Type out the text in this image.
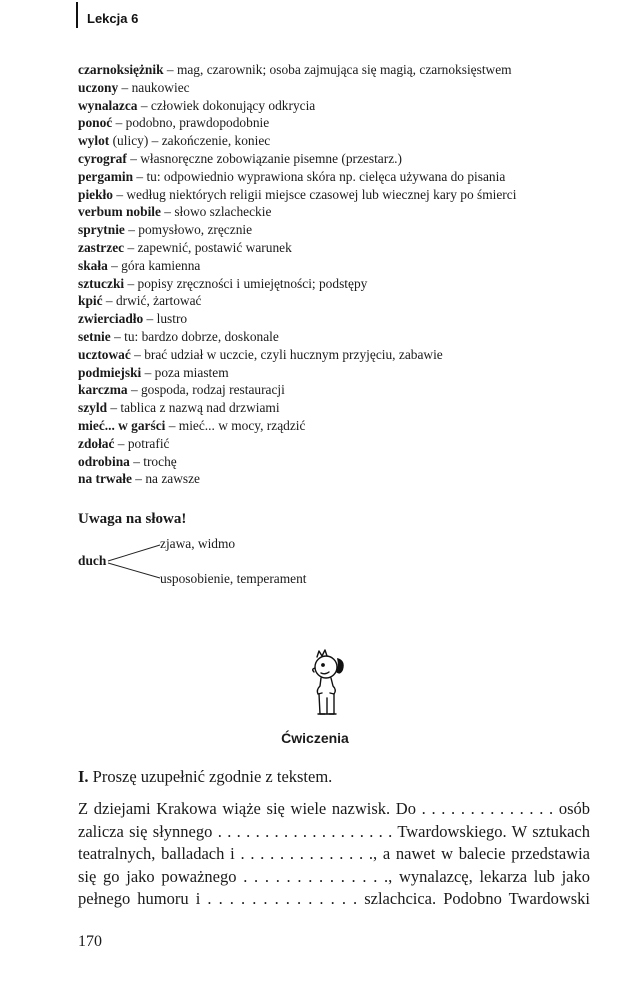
Lekcja 6
czarnoksiężnik – mag, czarownik; osoba zajmująca się magią, czarnoksięstwem
uczony – naukowiec
wynalazca – człowiek dokonujący odkrycia
ponoć – podobno, prawdopodobnie
wylot (ulicy) – zakończenie, koniec
cyrograf – własnoręczne zobowiązanie pisemne (przestarz.)
pergamin – tu: odpowiednio wyprawiona skóra np. cielęca używana do pisania
piekło – według niektórych religii miejsce czasowej lub wiecznej kary po śmierci
verbum nobile – słowo szlacheckie
sprytnie – pomysłowo, zręcznie
zastrzec – zapewnić, postawić warunek
skała – góra kamienna
sztuczki – popisy zręczności i umiejętności; podstępy
kpić – drwić, żartować
zwierciadło – lustro
setnie – tu: bardzo dobrze, doskonale
ucztować – brać udział w uczcie, czyli hucznym przyjęciu, zabawie
podmiejski – poza miastem
karczma – gospoda, rodzaj restauracji
szyld – tablica z nazwą nad drzwiami
mieć... w garści – mieć... w mocy, rządzić
zdołać – potrafić
odrobina – trochę
na trwałe – na zawsze
Uwaga na słowa!
duch
zjawa, widmo
usposobienie, temperament
Ćwiczenia
I. Proszę uzupełnić zgodnie z tekstem.
Z dziejami Krakowa wiąże się wiele nazwisk. Do . . . . . . . . . . . . . . osób
zalicza się słynnego . . . . . . . . . . . . . . . . . . . Twardowskiego. W sztukach
teatralnych, balladach i . . . . . . . . . . . . . ., a nawet w balecie przedstawia
się go jako poważnego . . . . . . . . . . . . . ., wynalazcę, lekarza lub jako
pełnego humoru i . . . . . . . . . . . . . . szlachcica. Podobno Twardowski
170
